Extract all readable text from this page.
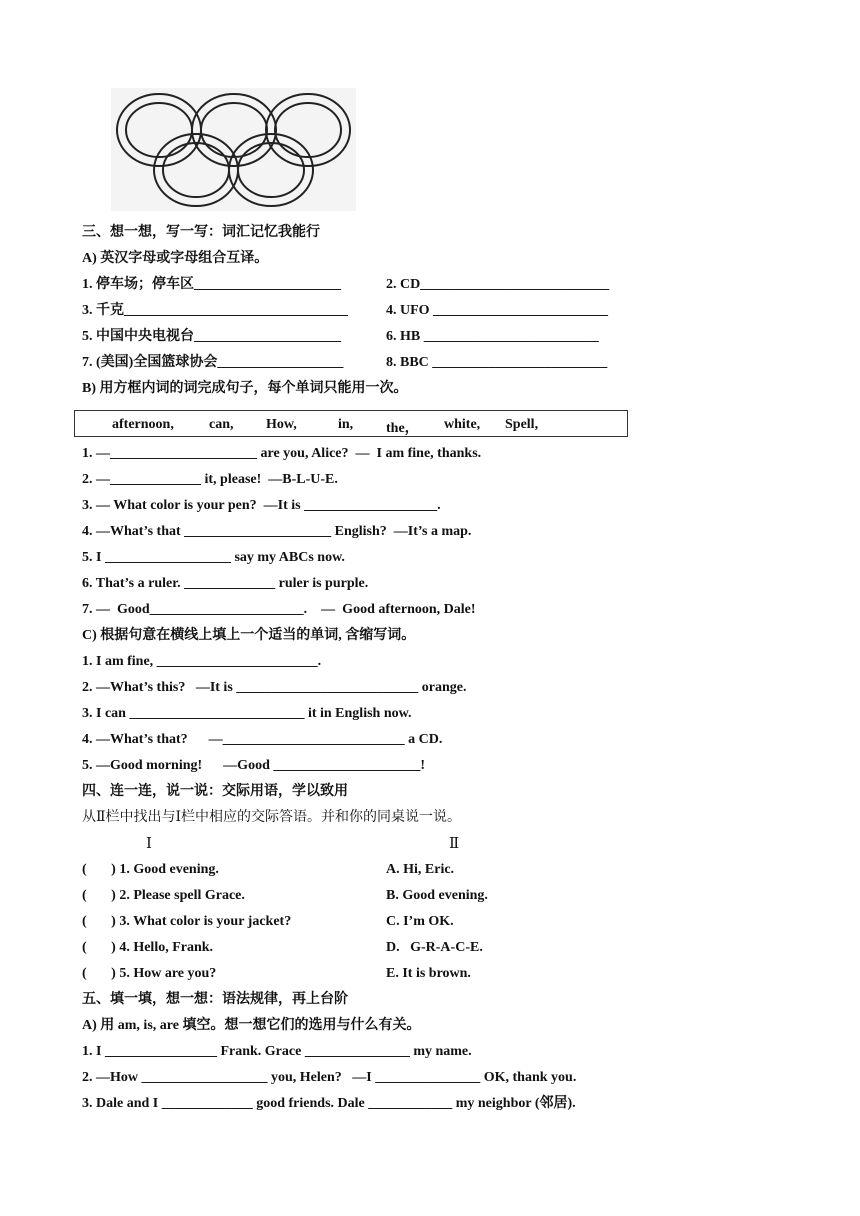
三、想一想，写一写：词汇记忆我能行
A) 英汉字母或字母组合互译。
1. 停车场；停车区_____________________	2. CD___________________________
3. 千克________________________________	4. UFO _________________________
5. 中国中央电视台_____________________	6. HB _________________________
7. (美国)全国篮球协会__________________	8. BBC _________________________
B) 用方框内词的词完成句子，每个单词只能用一次。
afternoon,	can, How,	in, the， white, Spell,
1. —_____________________ are you, Alice?  —  I am fine, thanks.
2. —_____________ it, please!  —B-L-U-E.
3. — What color is your pen?  —It is ___________________.
4. —What’s that _____________________ English?  —It’s a map.
5. I __________________ say my ABCs now.
6. That’s a ruler. _____________ ruler is purple.
7. —  Good______________________.    —  Good afternoon, Dale!
C) 根据句意在横线上填上一个适当的单词, 含缩写词。
1. I am fine, _______________________.
2. —What’s this?   —It is __________________________ orange.
3. I can _________________________ it in English now.
4. —What’s that?      —__________________________ a CD.
5. —Good morning!      —Good _____________________!
四、连一连，说一说：交际用语，学以致用
从Ⅱ栏中找出与Ⅰ栏中相应的交际答语。并和你的同桌说一说。
Ⅰ	Ⅱ
(       ) 1. Good evening.	A. Hi, Eric.
(       ) 2. Please spell Grace.	B. Good evening.
(       ) 3. What color is your jacket?	C. I’m OK.
(       ) 4. Hello, Frank.	D.   G-R-A-C-E.
(       ) 5. How are you?	E. It is brown.
五、填一填，想一想：语法规律，再上台阶
A) 用 am, is, are 填空。想一想它们的选用与什么有关。
1. I ________________ Frank. Grace _______________ my name.
2. —How __________________ you, Helen?   —I _______________ OK, thank you.
3. Dale and I _____________ good friends. Dale ____________ my neighbor (邻居).
